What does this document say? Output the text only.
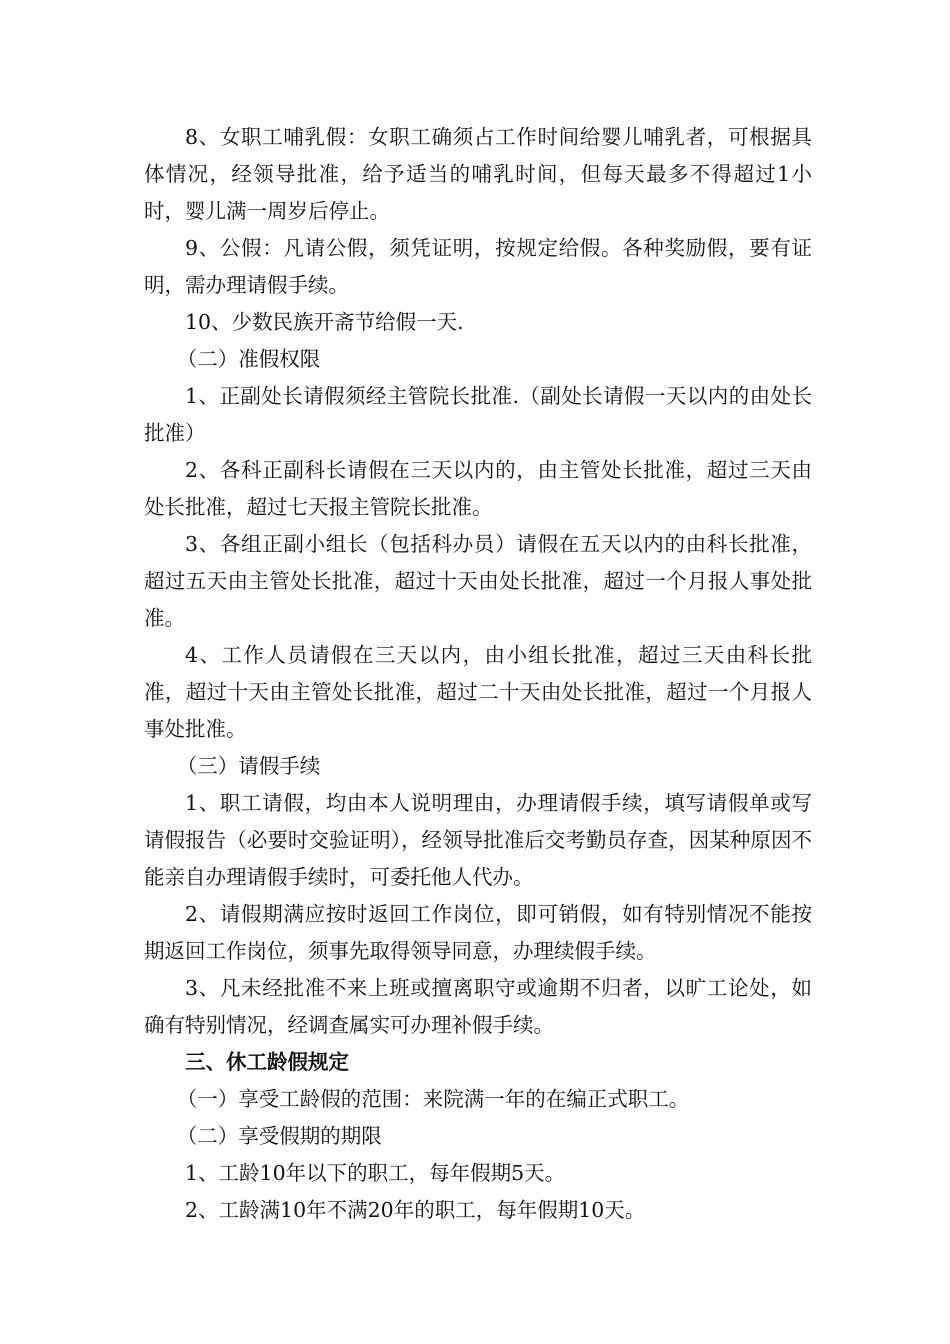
8、女职工哺乳假：女职工确须占工作时间给婴儿哺乳者，可根据具体情况，经领导批准，给予适当的哺乳时间，但每天最多不得超过1小时，婴儿满一周岁后停止。

9、公假：凡请公假，须凭证明，按规定给假。各种奖励假，要有证明，需办理请假手续。

10、少数民族开斋节给假一天.

（二）准假权限

1、正副处长请假须经主管院长批准.（副处长请假一天以内的由处长批准）

2、各科正副科长请假在三天以内的，由主管处长批准，超过三天由处长批准，超过七天报主管院长批准。

3、各组正副小组长（包括科办员）请假在五天以内的由科长批准，超过五天由主管处长批准，超过十天由处长批准，超过一个月报人事处批准。

4、工作人员请假在三天以内，由小组长批准，超过三天由科长批准，超过十天由主管处长批准，超过二十天由处长批准，超过一个月报人事处批准。

（三）请假手续

1、职工请假，均由本人说明理由，办理请假手续，填写请假单或写请假报告（必要时交验证明），经领导批准后交考勤员存查，因某种原因不能亲自办理请假手续时，可委托他人代办。

2、请假期满应按时返回工作岗位，即可销假，如有特别情况不能按期返回工作岗位，须事先取得领导同意，办理续假手续。

3、凡未经批准不来上班或擅离职守或逾期不归者，以旷工论处，如确有特别情况，经调查属实可办理补假手续。

三、休工龄假规定

（一）享受工龄假的范围：来院满一年的在编正式职工。

（二）享受假期的期限

1、工龄10年以下的职工，每年假期5天。

2、工龄满10年不满20年的职工，每年假期10天。
